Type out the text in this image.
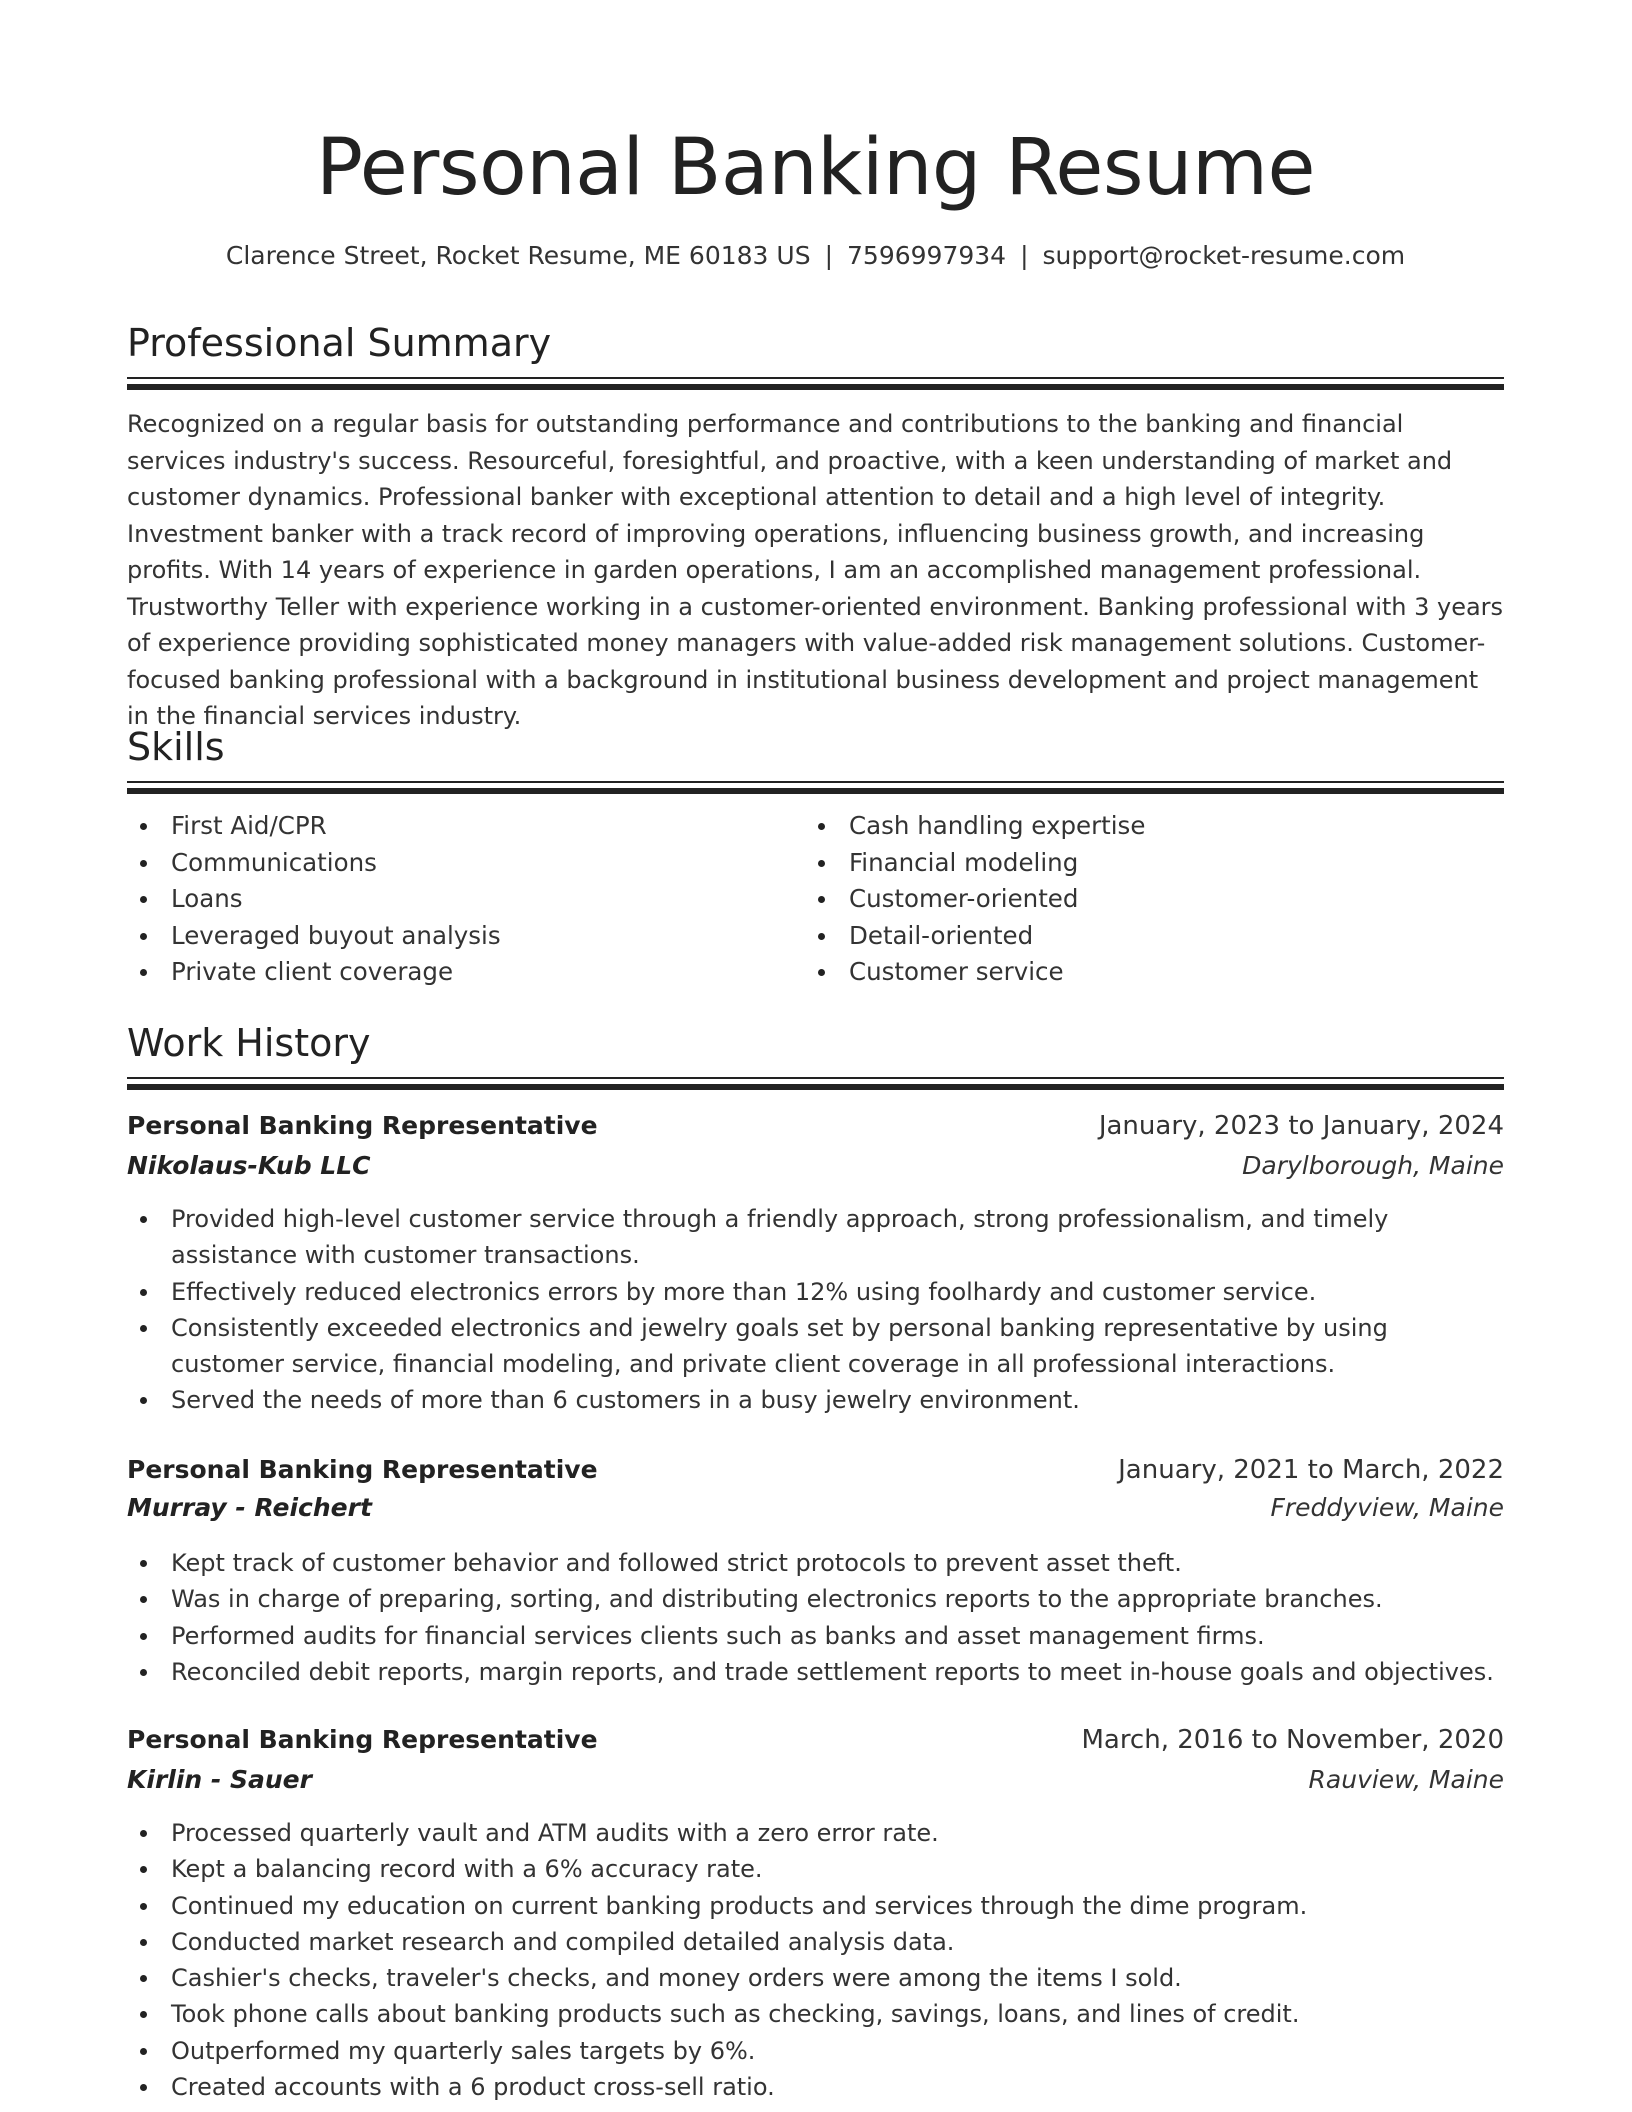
Personal Banking Resume
Clarence Street, Rocket Resume, ME 60183 US | 7596997934 | support@rocket-resume.com
Professional Summary

Recognized on a regular basis for outstanding performance and contributions to the banking and financial services industry's success. Resourceful, foresightful, and proactive, with a keen understanding of market and customer dynamics. Professional banker with exceptional attention to detail and a high level of integrity. Investment banker with a track record of improving operations, influencing business growth, and increasing profits. With 14 years of experience in garden operations, I am an accomplished management professional. Trustworthy Teller with experience working in a customer-oriented environment. Banking professional with 3 years of experience providing sophisticated money managers with value-added risk management solutions. Customer-focused banking professional with a background in institutional business development and project management in the financial services industry.

Skills
First Aid/CPR
Communications
Loans
Leveraged buyout analysis
Private client coverage
Cash handling expertise
Financial modeling
Customer-oriented
Detail-oriented
Customer service
Work History
Personal Banking Representative	January, 2023 to January, 2024
Nikolaus-Kub LLC	Darylborough, Maine
Provided high-level customer service through a friendly approach, strong professionalism, and timely assistance with customer transactions.
Effectively reduced electronics errors by more than 12% using foolhardy and customer service.
Consistently exceeded electronics and jewelry goals set by personal banking representative by using customer service, financial modeling, and private client coverage in all professional interactions.
Served the needs of more than 6 customers in a busy jewelry environment.
Personal Banking Representative	January, 2021 to March, 2022
Murray - Reichert	Freddyview, Maine
Kept track of customer behavior and followed strict protocols to prevent asset theft.
Was in charge of preparing, sorting, and distributing electronics reports to the appropriate branches.
Performed audits for financial services clients such as banks and asset management firms.
Reconciled debit reports, margin reports, and trade settlement reports to meet in-house goals and objectives.
Personal Banking Representative	March, 2016 to November, 2020
Kirlin - Sauer	Rauview, Maine
Processed quarterly vault and ATM audits with a zero error rate.
Kept a balancing record with a 6% accuracy rate.
Continued my education on current banking products and services through the dime program.
Conducted market research and compiled detailed analysis data.
Cashier's checks, traveler's checks, and money orders were among the items I sold.
Took phone calls about banking products such as checking, savings, loans, and lines of credit.
Outperformed my quarterly sales targets by 6%.
Created accounts with a 6 product cross-sell ratio.
